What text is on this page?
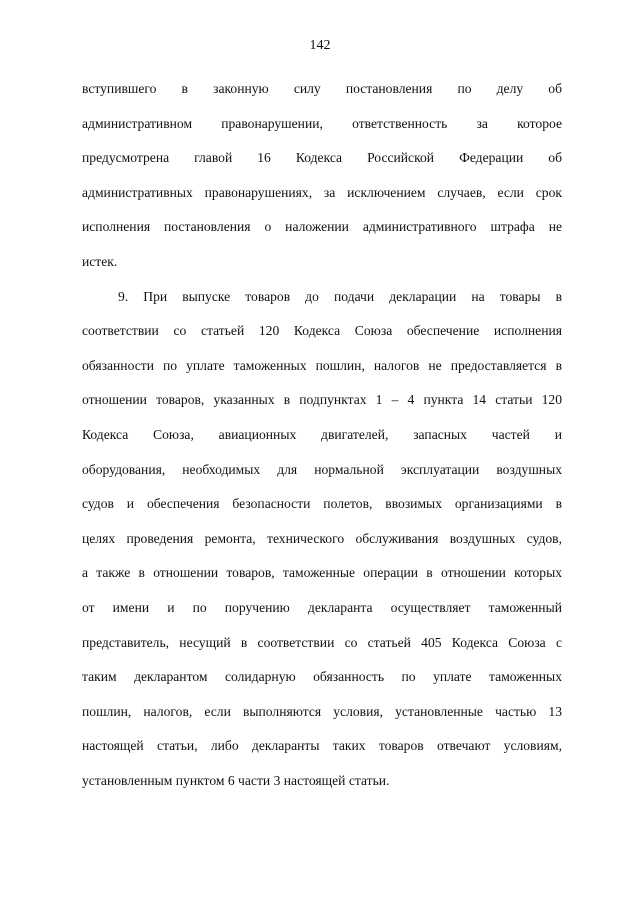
142
вступившего в законную силу постановления по делу об
административном правонарушении, ответственность за которое
предусмотрена главой 16 Кодекса Российской Федерации об
административных правонарушениях, за исключением случаев, если срок
исполнения постановления о наложении административного штрафа не
истек.
9. При выпуске товаров до подачи декларации на товары в
соответствии со статьей 120 Кодекса Союза обеспечение исполнения
обязанности по уплате таможенных пошлин, налогов не предоставляется в
отношении товаров, указанных в подпунктах 1 – 4 пункта 14 статьи 120
Кодекса Союза, авиационных двигателей, запасных частей и
оборудования, необходимых для нормальной эксплуатации воздушных
судов и обеспечения безопасности полетов, ввозимых организациями в
целях проведения ремонта, технического обслуживания воздушных судов,
а также в отношении товаров, таможенные операции в отношении которых
от имени и по поручению декларанта осуществляет таможенный
представитель, несущий в соответствии со статьей 405 Кодекса Союза с
таким декларантом солидарную обязанность по уплате таможенных
пошлин, налогов, если выполняются условия, установленные частью 13
настоящей статьи, либо декларанты таких товаров отвечают условиям,
установленным пунктом 6 части 3 настоящей статьи.
